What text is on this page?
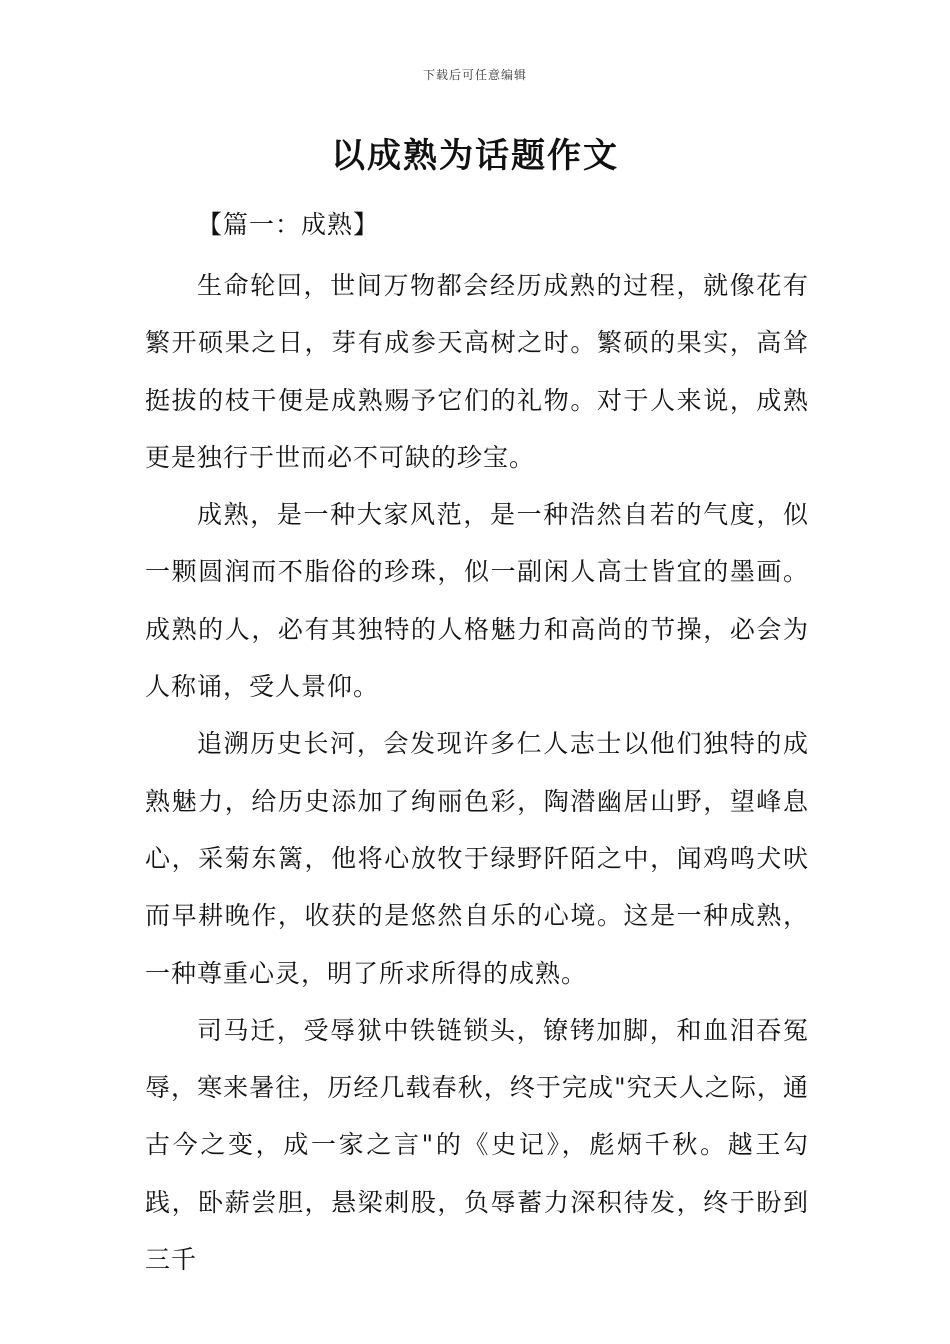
下载后可任意编辑
以成熟为话题作文
【篇一：成熟】

生命轮回，世间万物都会经历成熟的过程，就像花有繁开硕果之日，芽有成参天高树之时。繁硕的果实，高耸挺拔的枝干便是成熟赐予它们的礼物。对于人来说，成熟更是独行于世而必不可缺的珍宝。

成熟，是一种大家风范，是一种浩然自若的气度，似一颗圆润而不脂俗的珍珠，似一副闲人高士皆宜的墨画。成熟的人，必有其独特的人格魅力和高尚的节操，必会为人称诵，受人景仰。

追溯历史长河，会发现许多仁人志士以他们独特的成熟魅力，给历史添加了绚丽色彩，陶潜幽居山野，望峰息心，采菊东篱，他将心放牧于绿野阡陌之中，闻鸡鸣犬吠而早耕晚作，收获的是悠然自乐的心境。这是一种成熟，一种尊重心灵，明了所求所得的成熟。

司马迁，受辱狱中铁链锁头，镣铐加脚，和血泪吞冤辱，寒来暑往，历经几载春秋，终于完成"究天人之际，通古今之变，成一家之言"的《史记》，彪炳千秋。越王勾践，卧薪尝胆，悬梁刺股，负辱蓄力深积待发，终于盼到三千
